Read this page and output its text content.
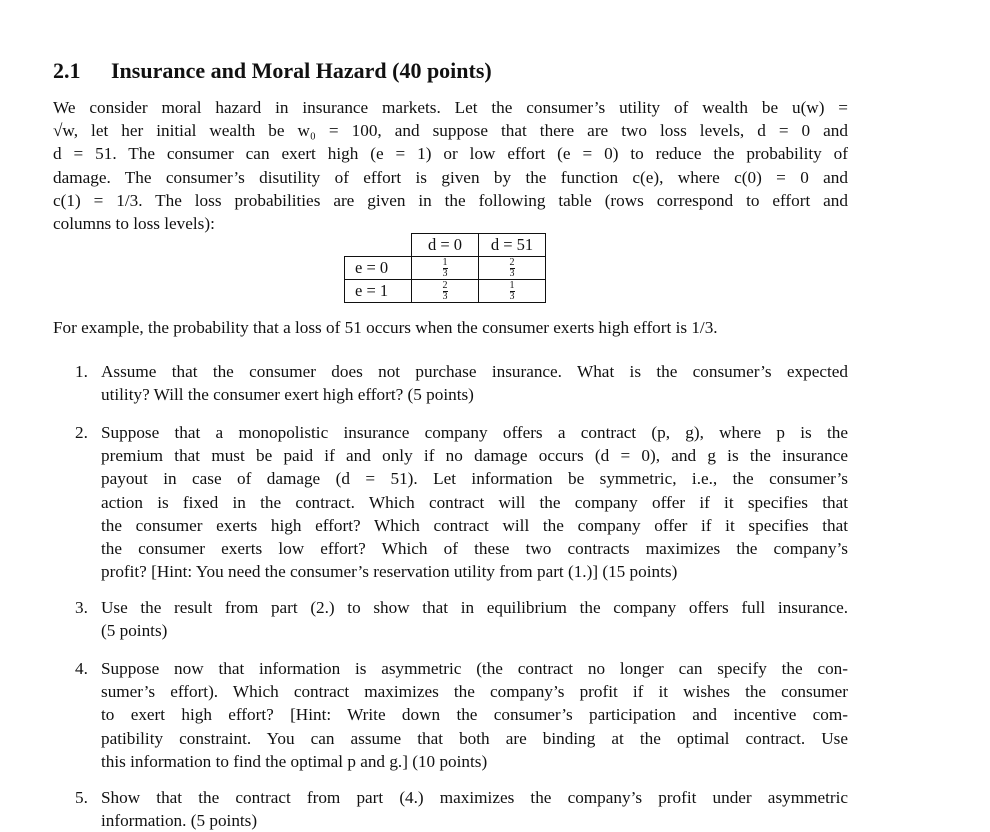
2.1 Insurance and Moral Hazard (40 points)
We consider moral hazard in insurance markets. Let the consumer’s utility of wealth be u(w) =
√w, let her initial wealth be w₀ = 100, and suppose that there are two loss levels, d = 0 and
d = 51. The consumer can exert high (e = 1) or low effort (e = 0) to reduce the probability of
damage. The consumer’s disutility of effort is given by the function c(e), where c(0) = 0 and
c(1) = 1/3. The loss probabilities are given in the following table (rows correspond to effort and
columns to loss levels):
	d = 0	d = 51
e = 0	$\frac{1}{3}$	$\frac{2}{3}$

e = 1	$\frac{2}{3}$	$\frac{1}{3}$
For example, the probability that a loss of 51 occurs when the consumer exerts high effort is 1/3.
1. Assume that the consumer does not purchase insurance. What is the consumer’s expected
utility? Will the consumer exert high effort? (5 points)
2. Suppose that a monopolistic insurance company offers a contract (p, g), where p is the
premium that must be paid if and only if no damage occurs (d = 0), and g is the insurance
payout in case of damage (d = 51). Let information be symmetric, i.e., the consumer’s
action is fixed in the contract. Which contract will the company offer if it specifies that
the consumer exerts high effort? Which contract will the company offer if it specifies that
the consumer exerts low effort? Which of these two contracts maximizes the company’s
profit? [Hint: You need the consumer’s reservation utility from part (1.)] (15 points)
3. Use the result from part (2.) to show that in equilibrium the company offers full insurance.
(5 points)
4. Suppose now that information is asymmetric (the contract no longer can specify the con-
sumer’s effort). Which contract maximizes the company’s profit if it wishes the consumer
to exert high effort? [Hint: Write down the consumer’s participation and incentive com-
patibility constraint. You can assume that both are binding at the optimal contract. Use
this information to find the optimal p and g.] (10 points)
5. Show that the contract from part (4.) maximizes the company’s profit under asymmetric
information. (5 points)
